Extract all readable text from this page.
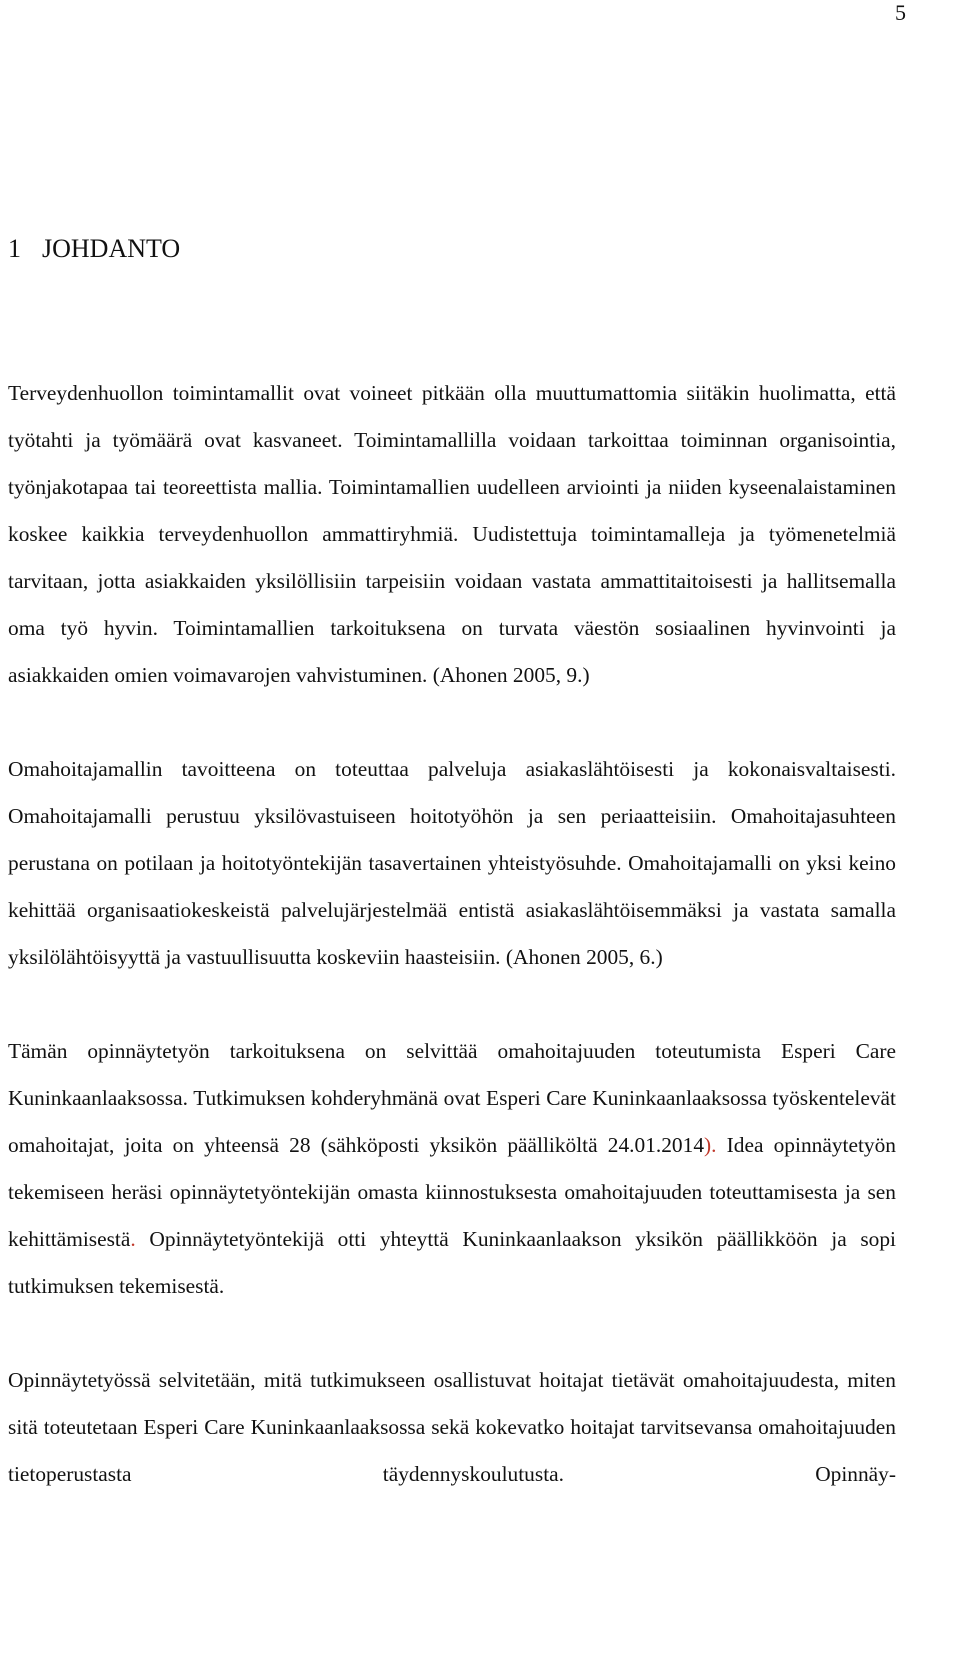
5
1 JOHDANTO

Terveydenhuollon toimintamallit ovat voineet pitkään olla muuttumattomia siitäkin huolimatta, että työtahti ja työmäärä ovat kasvaneet. Toimintamallilla voidaan tarkoittaa toiminnan organisointia, työnjakotapaa tai teoreettista mallia. Toimintamallien uudelleen arviointi ja niiden kyseenalaistaminen koskee kaikkia terveydenhuollon ammattiryhmiä. Uudistettuja toimintamalleja ja työmenetelmiä tarvitaan, jotta asiakkaiden yksilöllisiin tarpeisiin voidaan vastata ammattitaitoisesti ja hallitsemalla oma työ hyvin. Toimintamallien tarkoituksena on turvata väestön sosiaalinen hyvinvointi ja asiakkaiden omien voimavarojen vahvistuminen. (Ahonen 2005, 9.)

Omahoitajamallin tavoitteena on toteuttaa palveluja asiakaslähtöisesti ja kokonaisvaltaisesti. Omahoitajamalli perustuu yksilövastuiseen hoitotyöhön ja sen periaatteisiin. Omahoitajasuhteen perustana on potilaan ja hoitotyöntekijän tasavertainen yhteistyösuhde. Omahoitajamalli on yksi keino kehittää organisaatiokeskeistä palvelujärjestelmää entistä asiakaslähtöisemmäksi ja vastata samalla yksilölähtöisyyttä ja vastuullisuutta koskeviin haasteisiin. (Ahonen 2005, 6.)

Tämän opinnäytetyön tarkoituksena on selvittää omahoitajuuden toteutumista Esperi Care Kuninkaanlaaksossa. Tutkimuksen kohderyhmänä ovat Esperi Care Kuninkaanlaaksossa työskentelevät omahoitajat, joita on yhteensä 28 (sähköposti yksikön päälliköltä 24.01.2014). Idea opinnäytetyön tekemiseen heräsi opinnäytetyöntekijän omasta kiinnostuksesta omahoitajuuden toteuttamisesta ja sen kehittämisestä. Opinnäytetyöntekijä otti yhteyttä Kuninkaanlaakson yksikön päällikköön ja sopi tutkimuksen tekemisestä.

Opinnäytetyössä selvitetään, mitä tutkimukseen osallistuvat hoitajat tietävät omahoitajuudesta, miten sitä toteutetaan Esperi Care Kuninkaanlaaksossa sekä kokevatko hoitajat tarvitsevansa omahoitajuuden tietoperustasta täydennyskoulutusta. Opinnäy-
